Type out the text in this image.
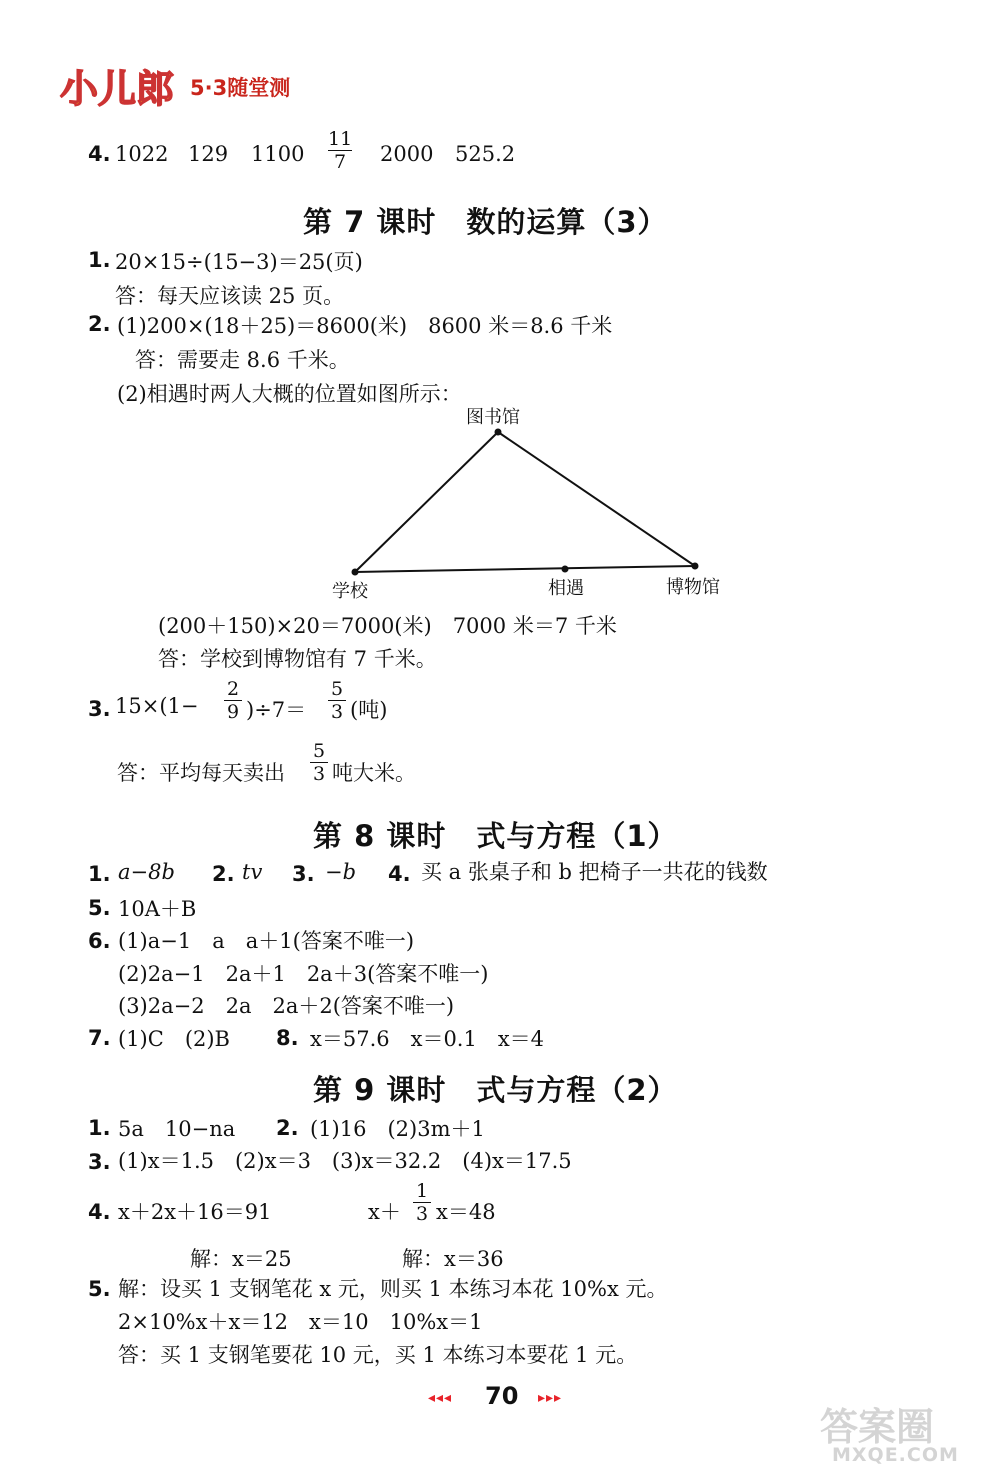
小儿郎 5·3随堂测
4. 1022 129 1100
11
7 2000 525.2
第 7 课时　数的运算（3）
1. 20×15÷(15−3)＝25(页)
答：每天应该读 25 页。
2. (1)200×(18＋25)＝8600(米)　8600 米＝8.6 千米
答：需要走 8.6 千米。
(2)相遇时两人大概的位置如图所示：
图书馆
学校	相遇	博物馆
(200＋150)×20＝7000(米)　7000 米＝7 千米
答：学校到博物馆有 7 千米。
3. 15×(1−
2
9 )÷7＝
5
3 (吨)
答：平均每天卖出
5
3 吨大米。
第 8 课时　式与方程（1）
1. a−8b 2. tv 3. −b 4. 买 a 张桌子和 b 把椅子一共花的钱数
5. 10A＋B
6. (1)a−1　a　a＋1(答案不唯一)
(2)2a−1　2a＋1　2a＋3(答案不唯一)
(3)2a−2　2a　2a＋2(答案不唯一)
7. (1)C　(2)B 8. x＝57.6　x＝0.1　x＝4
第 9 课时　式与方程（2）
1. 5a　10−na 2. (1)16　(2)3m＋1
3. (1)x＝1.5　(2)x＝3　(3)x＝32.2　(4)x＝17.5
4. x＋2x＋16＝91	x＋
1
3 x＝48
解：x＝25	解：x＝36
5. 解：设买 1 支钢笔花 x 元，则买 1 本练习本花 10%x 元。
2×10%x＋x＝12　x＝10　10%x＝1
答：买 1 支钢笔要花 10 元，买 1 本练习本要花 1 元。
◂◂◂ 70 ▸▸▸
答案圈
MXQE.COM
